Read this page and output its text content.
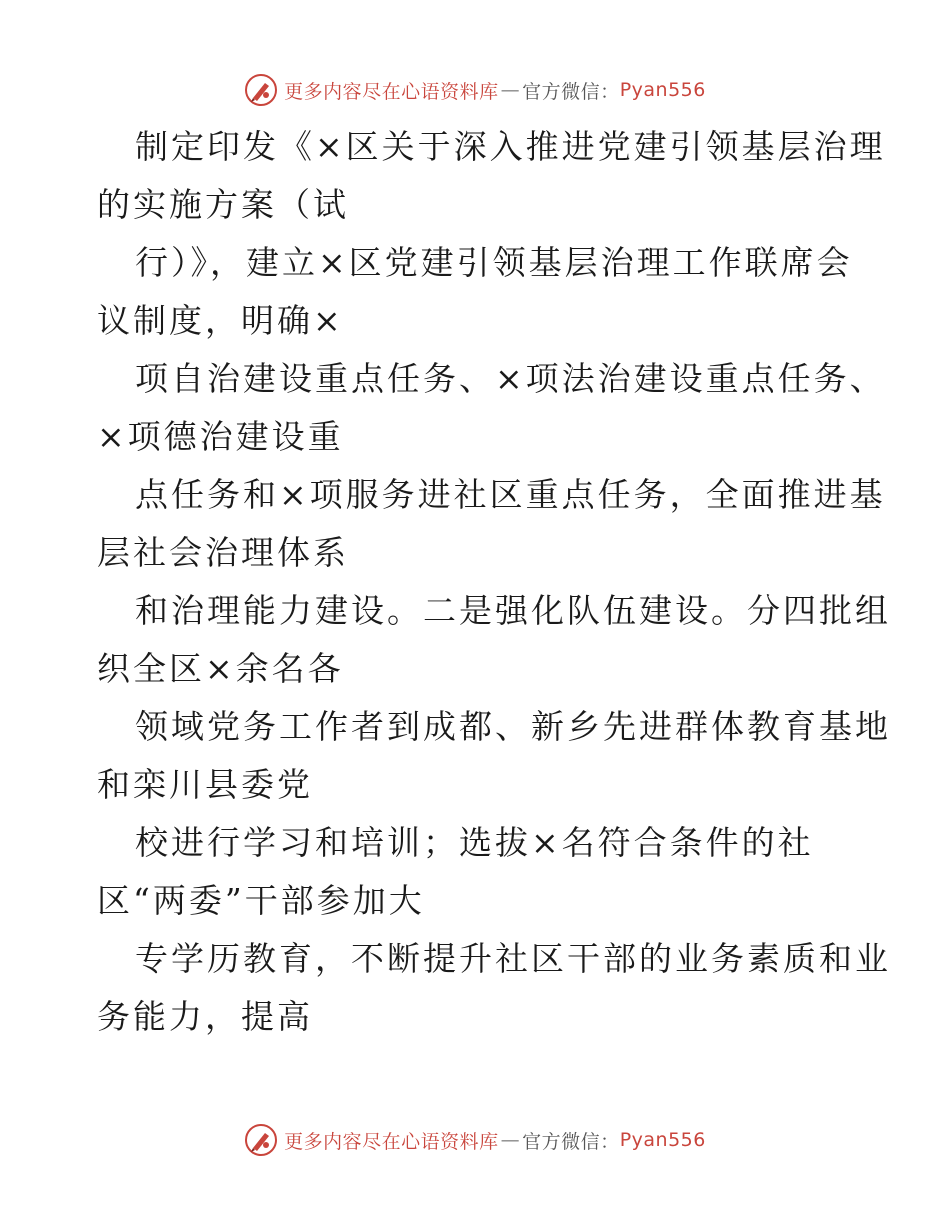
更多内容尽在心语资料库 — 官方微信： Pyan556
制定印发《×区关于深入推进党建引领基层治理
的实施方案（试
行）》，建立×区党建引领基层治理工作联席会
议制度，明确×
项自治建设重点任务、×项法治建设重点任务、
×项德治建设重
点任务和×项服务进社区重点任务，全面推进基
层社会治理体系
和治理能力建设。二是强化队伍建设。分四批组
织全区×余名各
领域党务工作者到成都、新乡先进群体教育基地
和栾川县委党
校进行学习和培训；选拔×名符合条件的社
区“两委”干部参加大
专学历教育，不断提升社区干部的业务素质和业
务能力，提高
更多内容尽在心语资料库 — 官方微信： Pyan556
